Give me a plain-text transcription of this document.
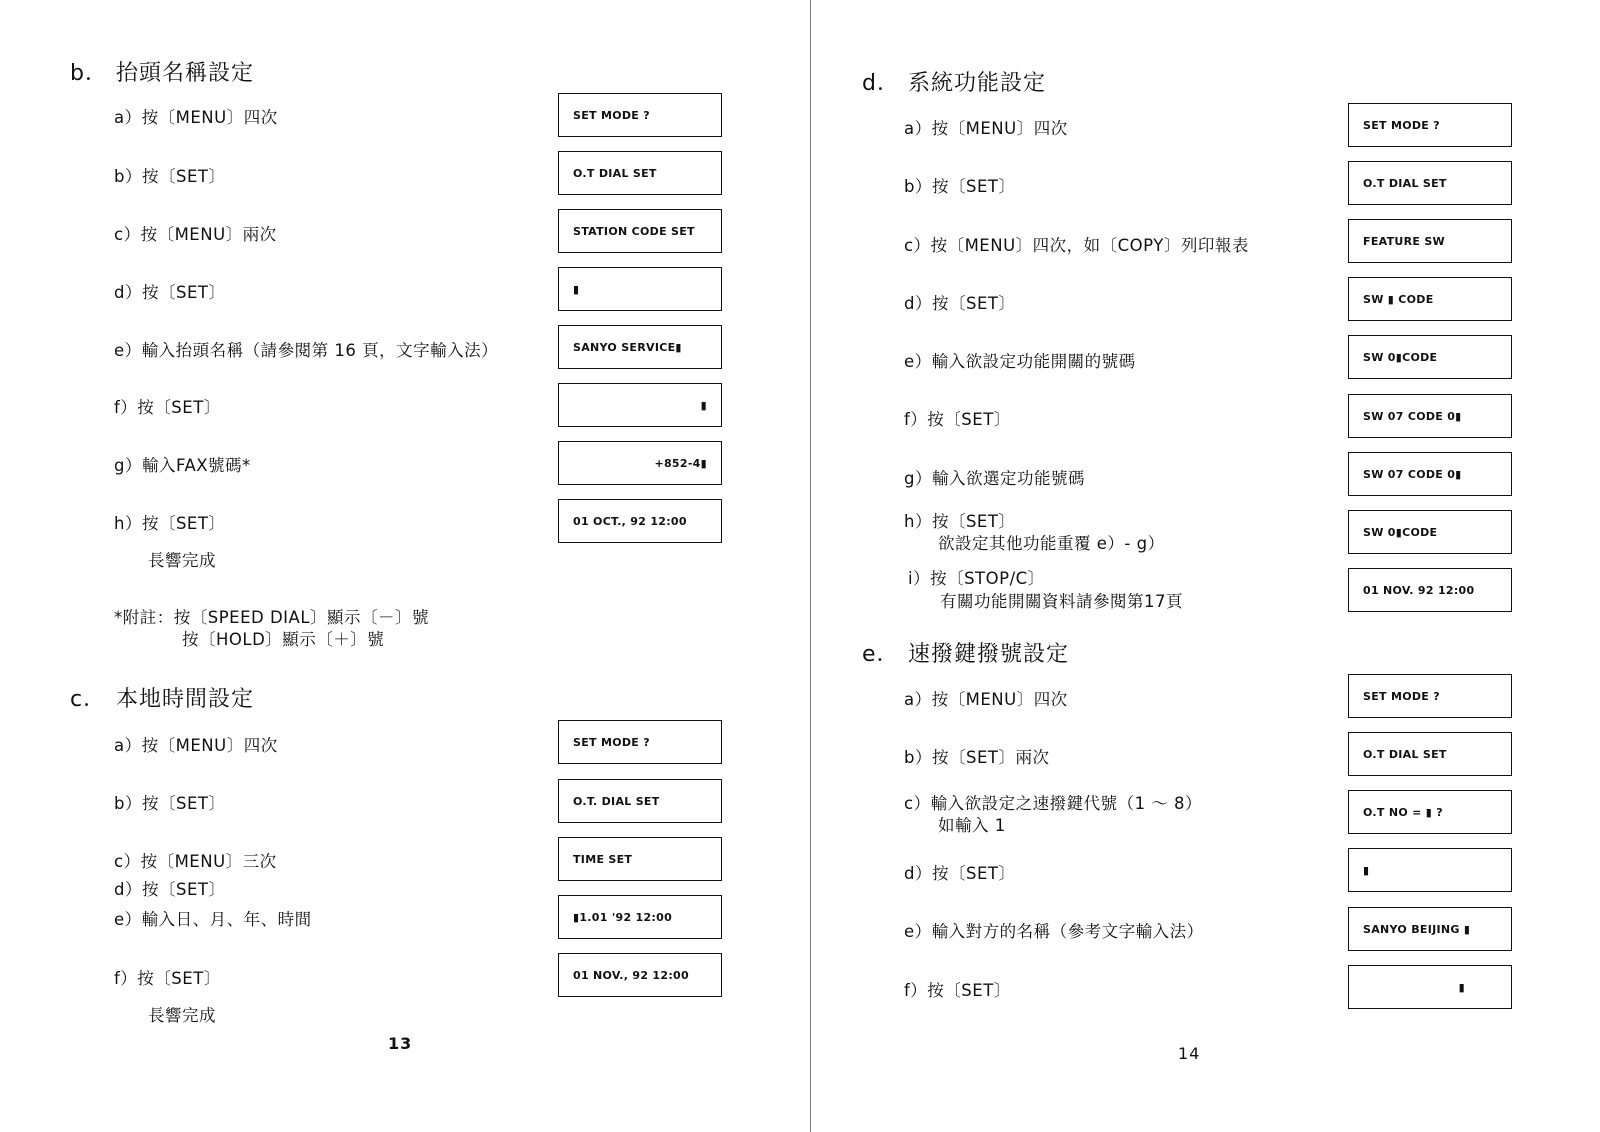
b． 抬頭名稱設定
a）按〔MENU〕四次
b）按〔SET〕
c）按〔MENU〕兩次
d）按〔SET〕
e）輸入抬頭名稱（請參閱第 16 頁，文字輸入法）
f）按〔SET〕
g）輸入FAX號碼*
h）按〔SET〕
長響完成
SET MODE ?
O.T DIAL SET
STATION CODE SET
▮
SANYO SERVICE▮
▮
+852-4▮
01 OCT., 92 12:00
*附註：按〔SPEED DIAL〕顯示〔－〕號
按〔HOLD〕顯示〔＋〕號
c． 本地時間設定
a）按〔MENU〕四次
b）按〔SET〕
c）按〔MENU〕三次
d）按〔SET〕
e）輸入日、月、年、時間
f）按〔SET〕
長響完成
SET MODE ?
O.T. DIAL SET
TIME SET
▮1.01 '92 12:00
01 NOV., 92 12:00
13
d． 系統功能設定
a）按〔MENU〕四次
b）按〔SET〕
c）按〔MENU〕四次，如〔COPY〕列印報表
d）按〔SET〕
e）輸入欲設定功能開關的號碼
f）按〔SET〕
g）輸入欲選定功能號碼
h）按〔SET〕
欲設定其他功能重覆 e）- g）
i）按〔STOP/C〕
有關功能開關資料請參閱第17頁
SET MODE ?
O.T DIAL SET
FEATURE SW
SW ▮ CODE
SW 0▮CODE
SW 07 CODE 0▮
SW 07 CODE 0▮
SW 0▮CODE
01 NOV. 92 12:00
e． 速撥鍵撥號設定
a）按〔MENU〕四次
b）按〔SET〕兩次
c）輸入欲設定之速撥鍵代號（1 ～ 8）
如輸入 1
d）按〔SET〕
e）輸入對方的名稱（參考文字輸入法）
f）按〔SET〕
SET MODE ?
O.T DIAL SET
O.T NO = ▮ ?
▮
SANYO BEIJING ▮
▮
14
